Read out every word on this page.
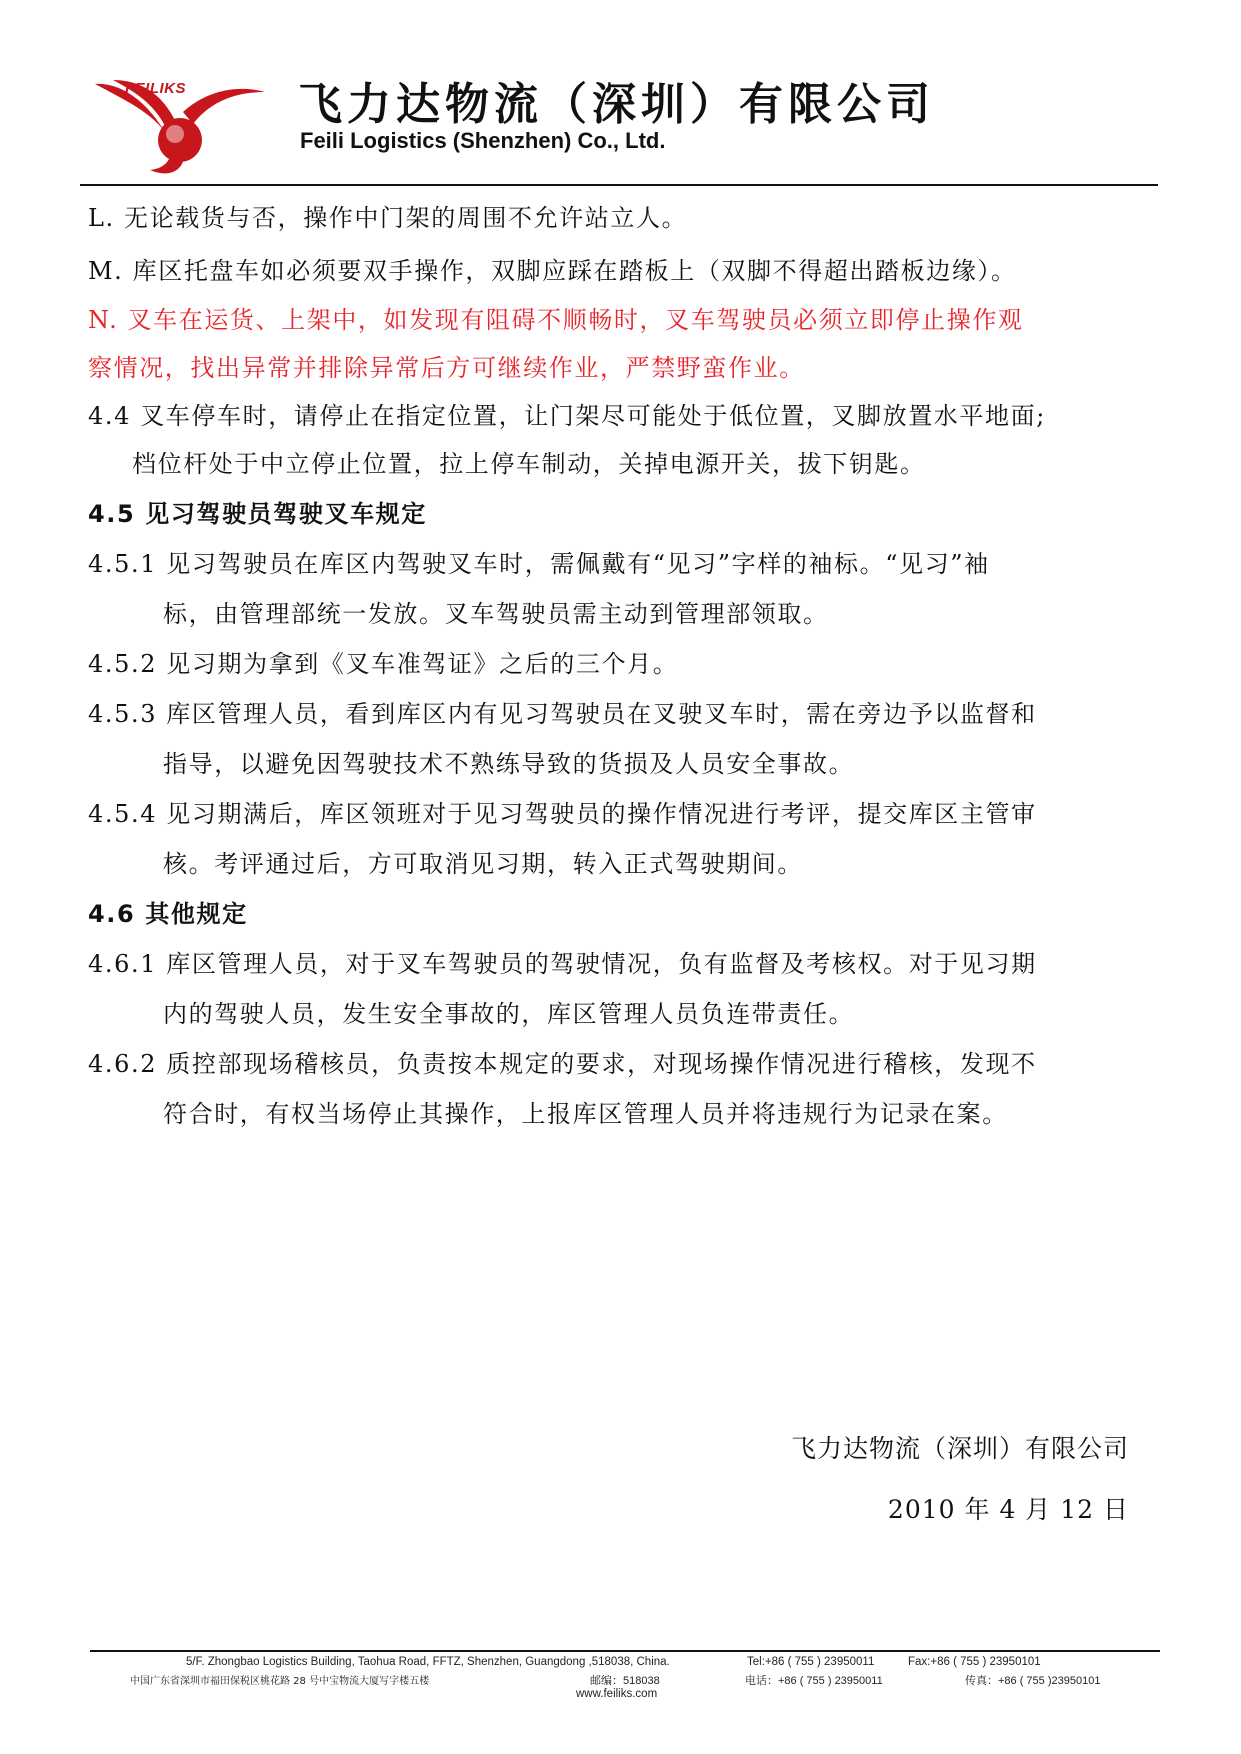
FEILIKS	飞力达物流（深圳）有限公司
Feili Logistics (Shenzhen) Co., Ltd.
L. 无论载货与否，操作中门架的周围不允许站立人。
M. 库区托盘车如必须要双手操作，双脚应踩在踏板上（双脚不得超出踏板边缘）。
N. 叉车在运货、上架中，如发现有阻碍不顺畅时，叉车驾驶员必须立即停止操作观
察情况，找出异常并排除异常后方可继续作业，严禁野蛮作业。
4.4 叉车停车时，请停止在指定位置，让门架尽可能处于低位置，叉脚放置水平地面;
档位杆处于中立停止位置，拉上停车制动，关掉电源开关，拔下钥匙。
4.5 见习驾驶员驾驶叉车规定
4.5.1 见习驾驶员在库区内驾驶叉车时，需佩戴有“见习”字样的袖标。“见习”袖
标，由管理部统一发放。叉车驾驶员需主动到管理部领取。
4.5.2 见习期为拿到《叉车准驾证》之后的三个月。
4.5.3 库区管理人员，看到库区内有见习驾驶员在叉驶叉车时，需在旁边予以监督和
指导，以避免因驾驶技术不熟练导致的货损及人员安全事故。
4.5.4 见习期满后，库区领班对于见习驾驶员的操作情况进行考评，提交库区主管审
核。考评通过后，方可取消见习期，转入正式驾驶期间。
4.6 其他规定
4.6.1 库区管理人员，对于叉车驾驶员的驾驶情况，负有监督及考核权。对于见习期
内的驾驶人员，发生安全事故的，库区管理人员负连带责任。
4.6.2 质控部现场稽核员，负责按本规定的要求，对现场操作情况进行稽核，发现不
符合时，有权当场停止其操作，上报库区管理人员并将违规行为记录在案。
飞力达物流（深圳）有限公司
2010 年 4 月 12 日
5/F. Zhongbao Logistics Building, Taohua Road, FFTZ, Shenzhen, Guangdong ,518038, China.	Tel:+86 ( 755 ) 23950011	Fax:+86 ( 755 ) 23950101
中国广东省深圳市福田保税区桃花路 28 号中宝物流大厦写字楼五楼	邮编：518038	电话：+86 ( 755 ) 23950011	传真：+86 ( 755 )23950101
www.feiliks.com
